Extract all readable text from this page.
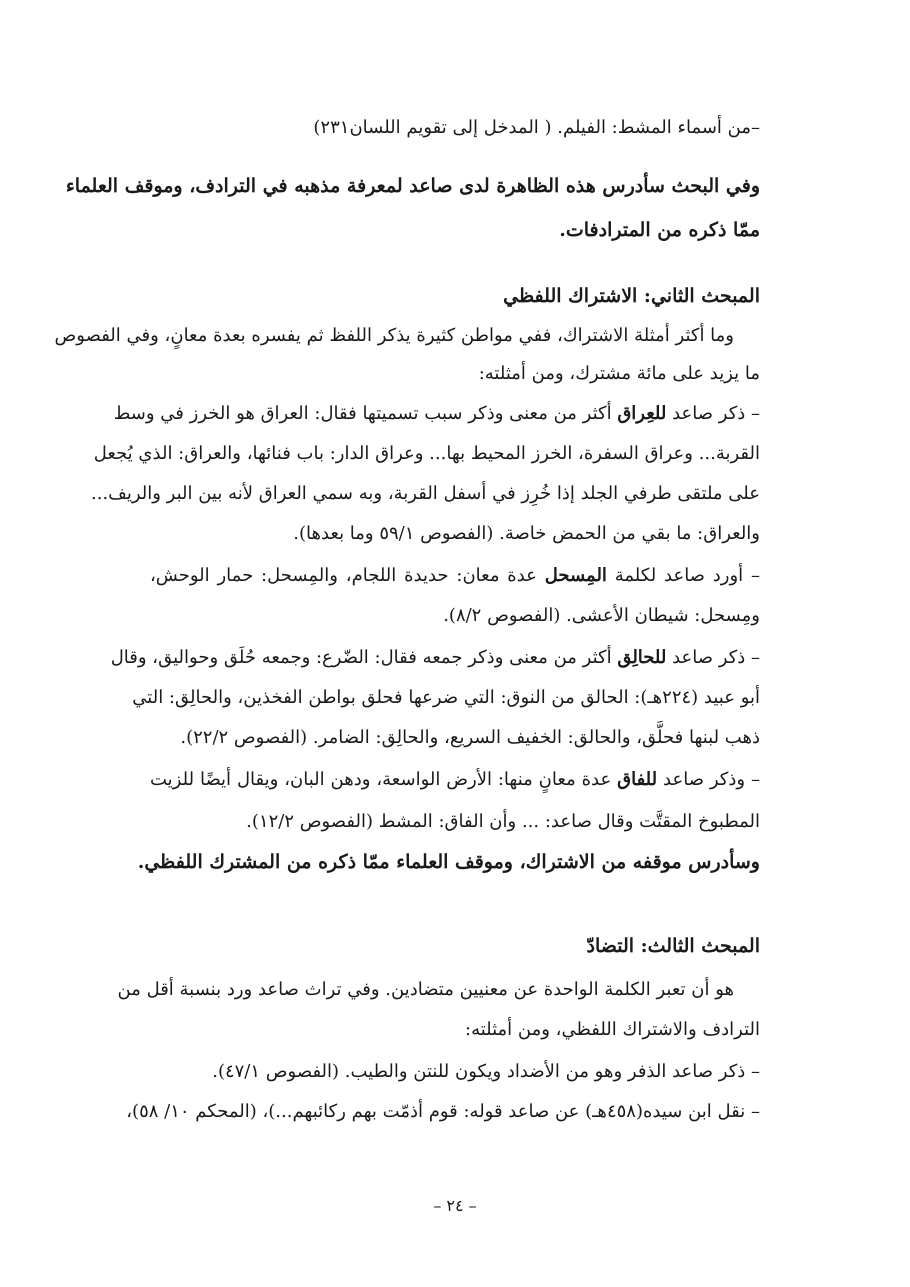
–من أسماء المشط: الفيلم. ( المدخل إلى تقويم اللسان٢٣١)
وفي البحث سأدرس هذه الظاهرة لدى صاعد لمعرفة مذهبه في الترادف، وموقف العلماء
ممّا ذكره من المترادفات.
المبحث الثاني: الاشتراك اللفظي
وما أكثر أمثلة الاشتراك، ففي مواطن كثيرة يذكر اللفظ ثم يفسره بعدة معانٍ، وفي الفصوص
ما يزيد على مائة مشترك، ومن أمثلته:
– ذكر صاعد للعِراق أكثر من معنى وذكر سبب تسميتها فقال: العراق هو الخرز في وسط
القربة... وعراق السفرة، الخرز المحيط بها... وعراق الدار: باب فنائها، والعراق: الذي يُجعل
على ملتقى طرفي الجلد إذا خُرِز في أسفل القربة، وبه سمي العراق لأنه بين البر والريف...
والعراق: ما بقي من الحمض خاصة. (الفصوص ٥٩/١ وما بعدها).
– أورد صاعد لكلمة المِسحل عدة معان: حديدة اللجام، والمِسحل: حمار الوحش،
ومِسحل: شيطان الأعشى. (الفصوص ٨/٢).
– ذكر صاعد للحالِق أكثر من معنى وذكر جمعه فقال: الضّرع: وجمعه حُلَق وحواليق، وقال
أبو عبيد (٢٢٤هـ): الحالق من النوق: التي ضرعها فحلق بواطن الفخذين، والحالِق: التي
ذهب لبنها فحلَّق، والحالق: الخفيف السريع، والحالِق: الضامر. (الفصوص ٢٢/٢).
– وذكر صاعد للفاق عدة معانٍ منها: الأرض الواسعة، ودهن البان، ويقال أيضًا للزيت
المطبوخ المقتَّت وقال صاعد: ... وأن الفاق: المشط (الفصوص ١٢/٢).
وسأدرس موقفه من الاشتراك، وموقف العلماء ممّا ذكره من المشترك اللفظي.
المبحث الثالث: التضادّ
هو أن تعبر الكلمة الواحدة عن معنيين متضادين. وفي تراث صاعد ورد بنسبة أقل من
الترادف والاشتراك اللفظي، ومن أمثلته:
– ذكر صاعد الذفر وهو من الأضداد ويكون للنتن والطيب. (الفصوص ٤٧/١).
– نقل ابن سيده(٤٥٨هـ) عن صاعد قوله: قوم أذمّت بهم ركائبهم...)، (المحكم ١٠/ ٥٨)،
– ٢٤ –
